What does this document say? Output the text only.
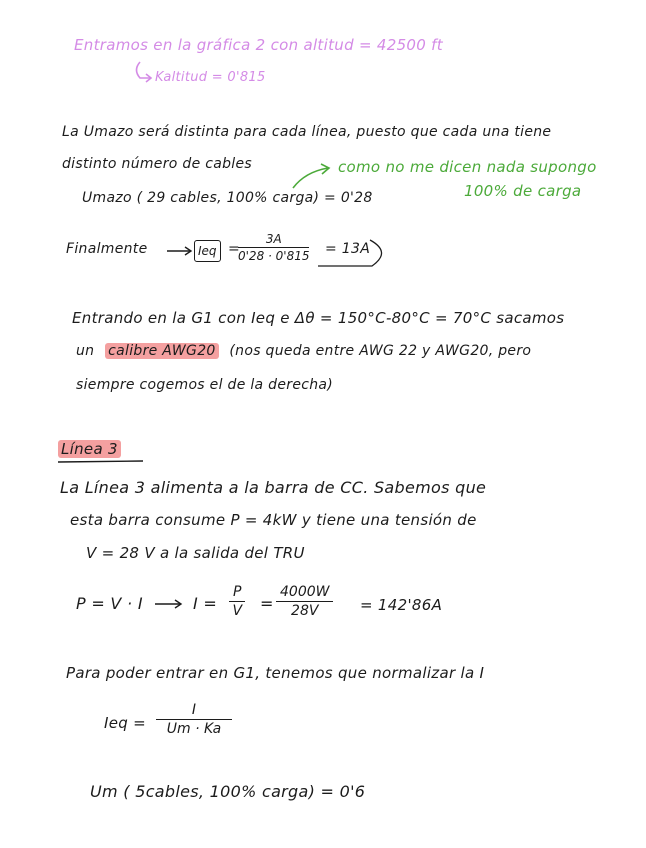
Entramos en la gráfica 2 con altitud = 42500 ft
Kaltitud = 0'815
La Umazo será distinta para cada línea, puesto que cada una tiene
distinto número de cables	como no me dicen nada supongo
100% de carga
Umazo ( 29 cables, 100% carga) = 0'28
Finalmente	Ieq =
$\frac{3A}{0'28 \cdot 0'815} = 13A$
Entrando en la G1 con Ieq e Δθ = 150°C-80°C = 70°C sacamos
un calibre AWG20 (nos queda entre AWG 22 y AWG20, pero
siempre cogemos el de la derecha)
Línea 3
La Línea 3 alimenta a la barra de CC. Sabemos que
esta barra consume P = 4kW y tiene una tensión de
V = 28 V a la salida del TRU
P = V · I	$I = \frac{P}{V} = \frac{4000W}{28V} = 142'86A$
Para poder entrar en G1, tenemos que normalizar la I
Ieq = $\frac{I}{Um \cdot Ka}$
Um ( 5cables, 100% carga) = 0'6
